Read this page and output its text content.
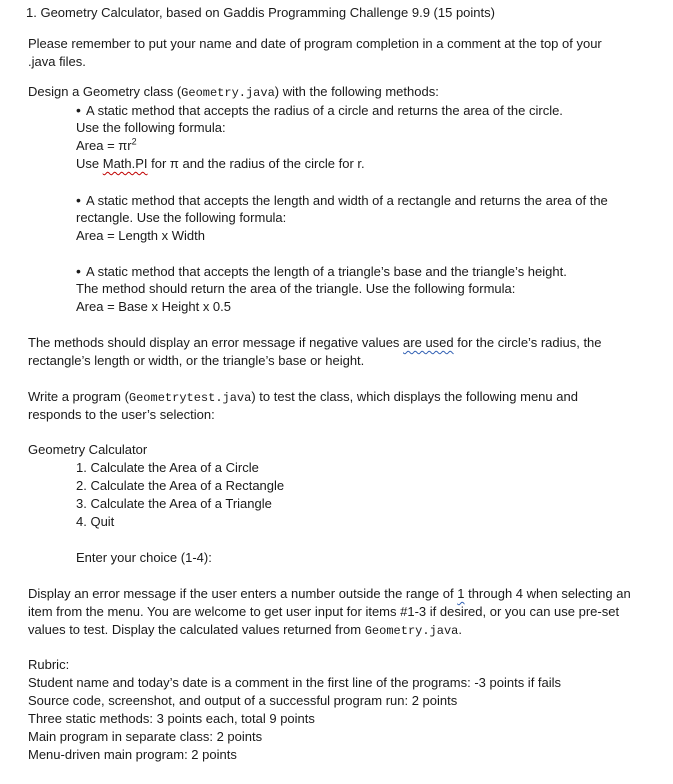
1. Geometry Calculator, based on Gaddis Programming Challenge 9.9 (15 points)
Please remember to put your name and date of program completion in a comment at the top of your
.java files.
Design a Geometry class (Geometry.java) with the following methods:
• A static method that accepts the radius of a circle and returns the area of the circle.
Use the following formula:
Area = $\pi r^2$
Use Math.PI for π and the radius of the circle for r.
• A static method that accepts the length and width of a rectangle and returns the area of the
rectangle. Use the following formula:
Area = Length x Width
• A static method that accepts the length of a triangle’s base and the triangle’s height.
The method should return the area of the triangle. Use the following formula:
Area = Base x Height x 0.5
The methods should display an error message if negative values are used for the circle’s radius, the
rectangle’s length or width, or the triangle’s base or height.
Write a program (Geometrytest.java) to test the class, which displays the following menu and
responds to the user’s selection:
Geometry Calculator
1. Calculate the Area of a Circle
2. Calculate the Area of a Rectangle
3. Calculate the Area of a Triangle
4. Quit
Enter your choice (1-4):
Display an error message if the user enters a number outside the range of 1 through 4 when selecting an
item from the menu. You are welcome to get user input for items #1-3 if desired, or you can use pre-set
values to test. Display the calculated values returned from Geometry.java.
Rubric:
Student name and today’s date is a comment in the first line of the programs: -3 points if fails
Source code, screenshot, and output of a successful program run: 2 points
Three static methods: 3 points each, total 9 points
Main program in separate class: 2 points
Menu-driven main program: 2 points
